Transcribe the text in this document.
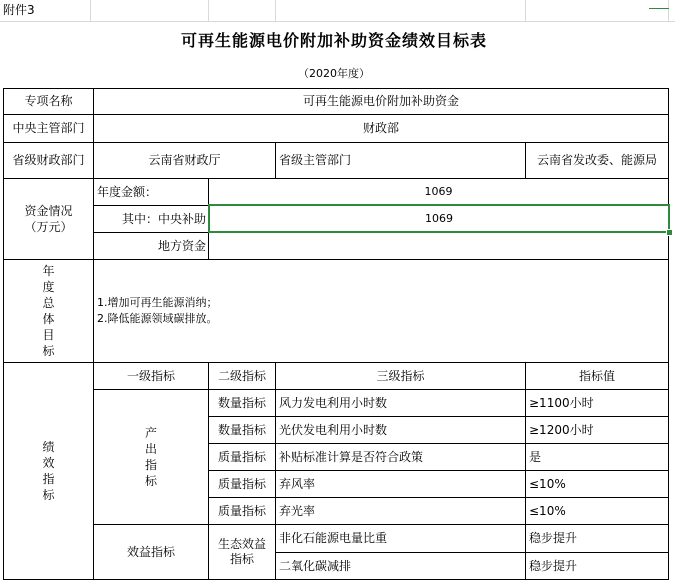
附件3
可再生能源电价附加补助资金绩效目标表
（2020年度）
专项名称	可再生能源电价附加补助资金
中央主管部门	财政部
省级财政部门	云南省财政厅	省级主管部门	云南省发改委、能源局
资金情况
（万元）
年度金额：	1069
其中：中央补助	1069
地方资金
年
度
总
体
目
标
1.增加可再生能源消纳；
2.降低能源领域碳排放。
绩
效
指
标
一级指标	二级指标	三级指标	指标值
产
出
指
标
数量指标	风力发电利用小时数	≥1100小时
数量指标	光伏发电利用小时数	≥1200小时
质量指标	补贴标准计算是否符合政策	是
质量指标	弃风率	≤10%
质量指标	弃光率	≤10%
效益指标
生态效益
指标
非化石能源电量比重	稳步提升
二氧化碳减排	稳步提升
